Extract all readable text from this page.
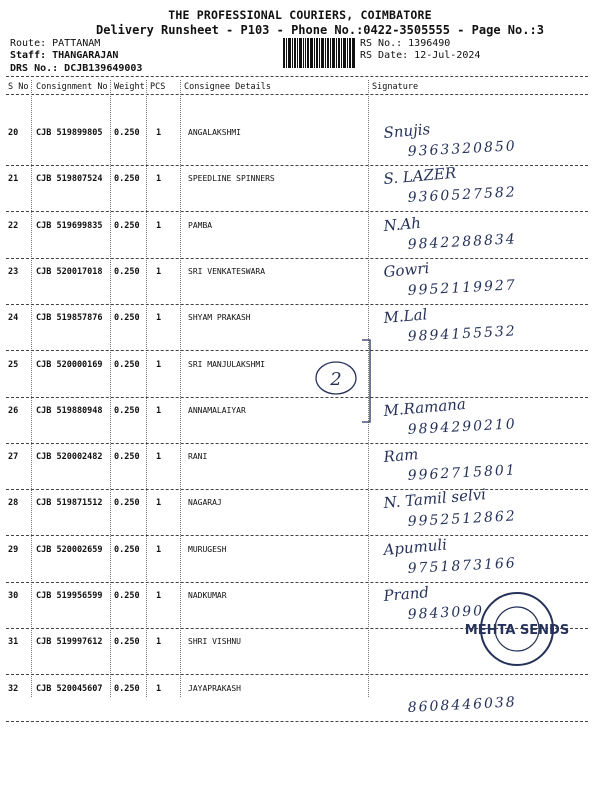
THE PROFESSIONAL COURIERS, COIMBATORE
Delivery Runsheet - P103 - Phone No.:0422-3505555 - Page No.:3
Route: PATTANAM
Staff: THANGARAJAN
DRS No.: DCJB139649003
RS No.: 1396490
RS Date: 12-Jul-2024
S No Consignment No Weight PCS Consignee Details	Signature
20 CJB 519899805 0.250 1	ANGALAKSHMI	Snujis
9363320850
21 CJB 519807524 0.250 1	SPEEDLINE SPINNERS	S. LAZER
9360527582
22 CJB 519699835 0.250 1	PAMBA	N.Ah
9842288834
23 CJB 520017018 0.250 1	SRI VENKATESWARA	Gowri
9952119927
24 CJB 519857876 0.250 1	SHYAM PRAKASH	M.Lal
9894155532
25 CJB 520000169 0.250 1	SRI MANJULAKSHMI
26 CJB 519880948 0.250 1	ANNAMALAIYAR	M.Ramana
9894290210
27 CJB 520002482 0.250 1	RANI	Ram
9962715801
28 CJB 519871512 0.250 1	NAGARAJ	N. Tamil selvi
9952512862
29 CJB 520002659 0.250 1	MURUGESH	Apumuli
9751873166
30 CJB 519956599 0.250 1	NADKUMAR	Prand
9843090
31 CJB 519997612 0.250 1	SHRI VISHNU
32 CJB 520045607 0.250 1	JAYAPRAKASH
8608446038
2
MEHTA SENDS
